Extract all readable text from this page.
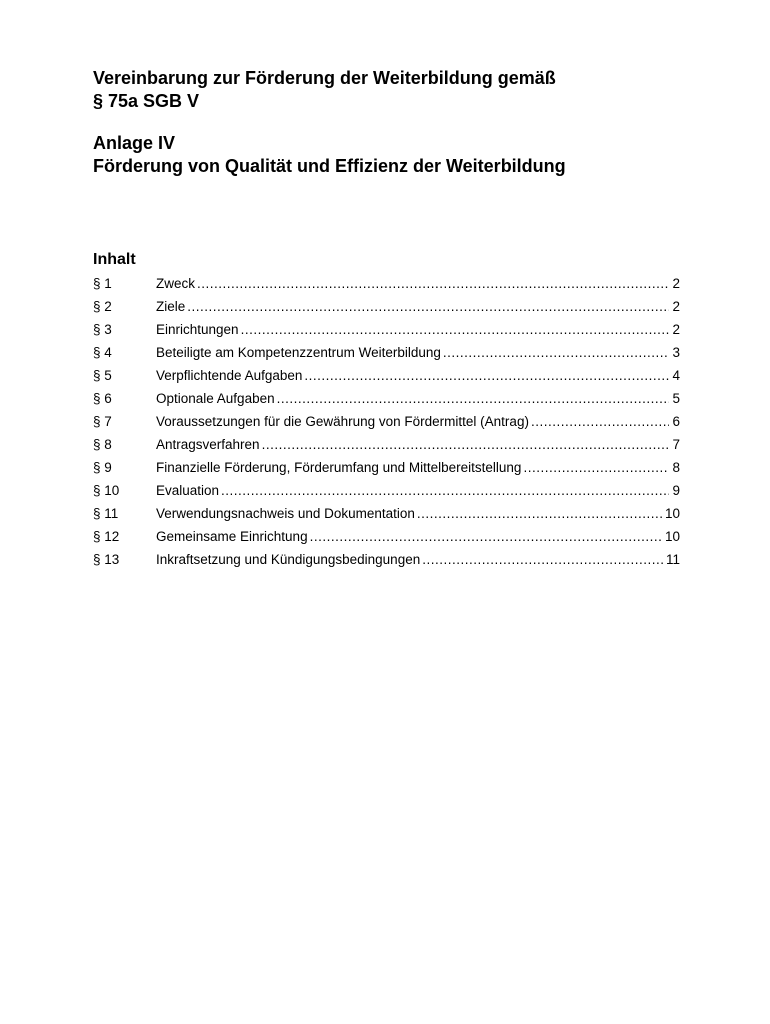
Vereinbarung zur Förderung der Weiterbildung gemäß
§ 75a SGB V
Anlage IV
Förderung von Qualität und Effizienz der Weiterbildung
Inhalt
§ 1	Zweck .....	2
§ 2	Ziele .....	2
§ 3	Einrichtungen .....	2
§ 4	Beteiligte am Kompetenzzentrum Weiterbildung .....	3
§ 5	Verpflichtende Aufgaben .....	4
§ 6	Optionale Aufgaben .....	5
§ 7	Voraussetzungen für die Gewährung von Fördermittel (Antrag) .....	6
§ 8	Antragsverfahren .....	7
§ 9	Finanzielle Förderung, Förderumfang und Mittelbereitstellung .....	8
§ 10	Evaluation .....	9
§ 11	Verwendungsnachweis und Dokumentation .....	10
§ 12	Gemeinsame Einrichtung .....	10
§ 13	Inkraftsetzung und Kündigungsbedingungen .....	11
